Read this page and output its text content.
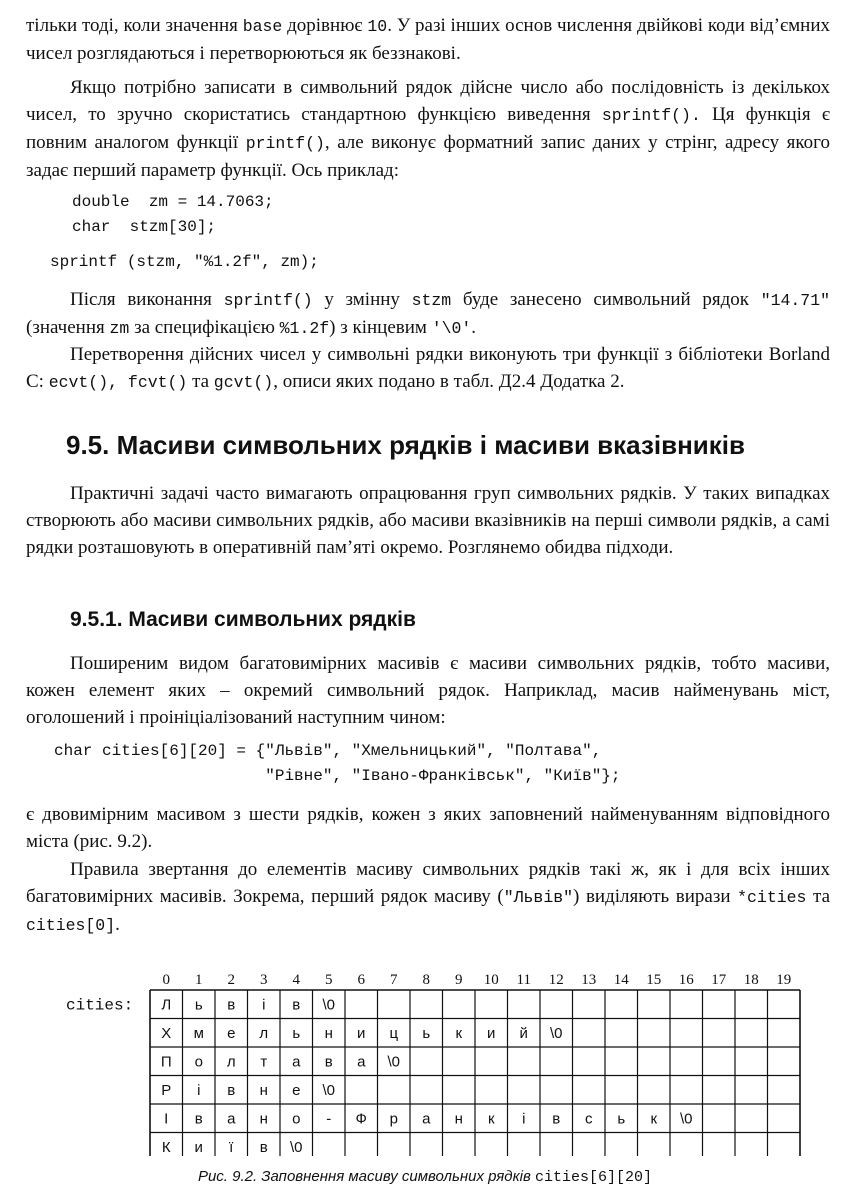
тільки тоді, коли значення base дорівнює 10. У разі інших основ числення двійкові коди від’ємних чисел розглядаються і перетворюються як беззнакові.

Якщо потрібно записати в символьний рядок дійсне число або послідовність із декількох чисел, то зручно скористатись стандартною функцією виведення sprintf(). Ця функція є повним аналогом функції printf(), але виконує форматний запис даних у стрінг, адресу якого задає перший параметр функції. Ось приклад:

double  zm = 14.7063;
char  stzm[30];
sprintf (stzm, "%1.2f", zm);

Після виконання sprintf() у змінну stzm буде занесено символьний рядок "14.71" (значення zm за специфікацією %1.2f) з кінцевим '\0'.

Перетворення дійсних чисел у символьні рядки виконують три функції з бібліотеки Borland C: ecvt(), fcvt() та gcvt(), описи яких подано в табл. Д2.4 Додатка 2.

9.5. Масиви символьних рядків і масиви вказівників

Практичні задачі часто вимагають опрацювання груп символьних рядків. У таких випадках створюють або масиви символьних рядків, або масиви вказівників на перші символи рядків, а самі рядки розташовують в оперативній пам’яті окремо. Розглянемо обидва підходи.

9.5.1. Масиви символьних рядків

Поширеним видом багатовимірних масивів є масиви символьних рядків, тобто масиви, кожен елемент яких – окремий символьний рядок. Наприклад, масив найменувань міст, оголошений і проініціалізований наступним чином:

char cities[6][20] = {"Львів", "Хмельницький", "Полтава",
"Рівне", "Івано-Франківськ", "Київ"};

є двовимірним масивом з шести рядків, кожен з яких заповнений найменуванням відповідного міста (рис. 9.2).

Правила звертання до елементів масиву символьних рядків такі ж, як і для всіх інших багатовимірних масивів. Зокрема, перший рядок масиву ("Львів") виділяють вирази *cities та cities[0].

0 1 2 3 4 5 6 7 8 9 10 11 12 13 14 15 16 17 18 19
cities: Л ь в і в \0
Х м е л ь н и ц ь к и й \0
П о л т а в а \0
Р і в н е \0
І в а н о - Ф р а н к і в с ь к \0
К и ї в \0
Рис. 9.2. Заповнення масиву символьних рядків cities[6][20]
